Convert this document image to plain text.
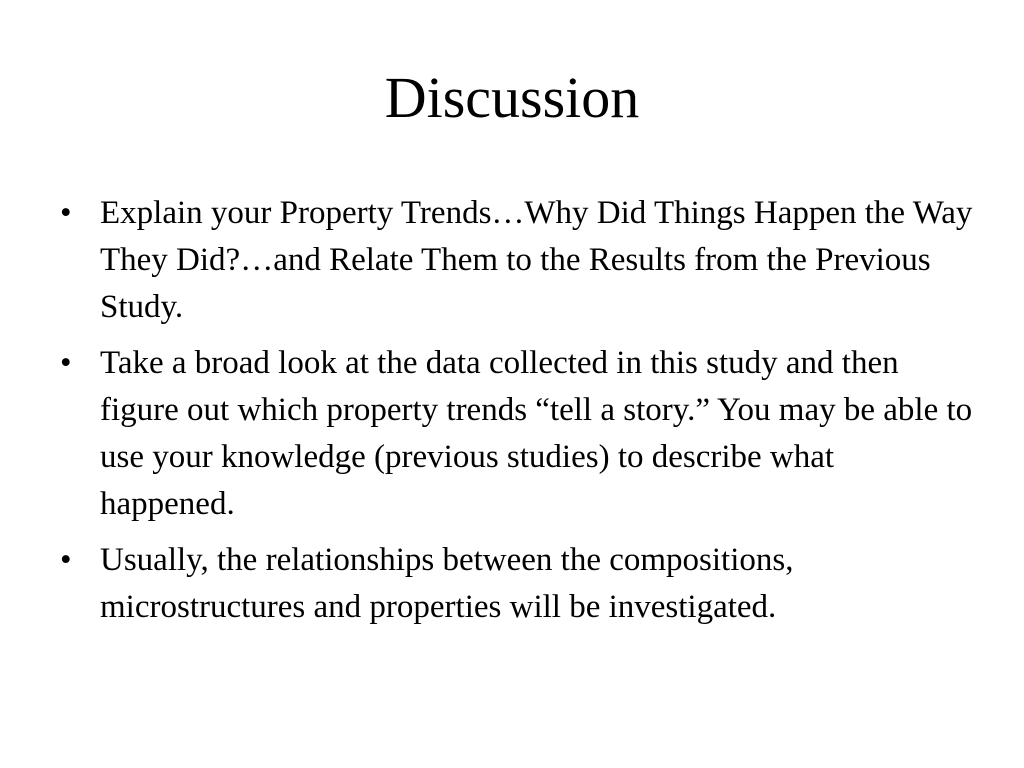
Discussion
• Explain your Property Trends…Why Did Things Happen the Way They Did?…and Relate Them to the Results from the Previous Study.
• Take a broad look at the data collected in this study and then figure out which property trends “tell a story.” You may be able to use your knowledge (previous studies) to describe what happened.
• Usually, the relationships between the compositions, microstructures and properties will be investigated.
